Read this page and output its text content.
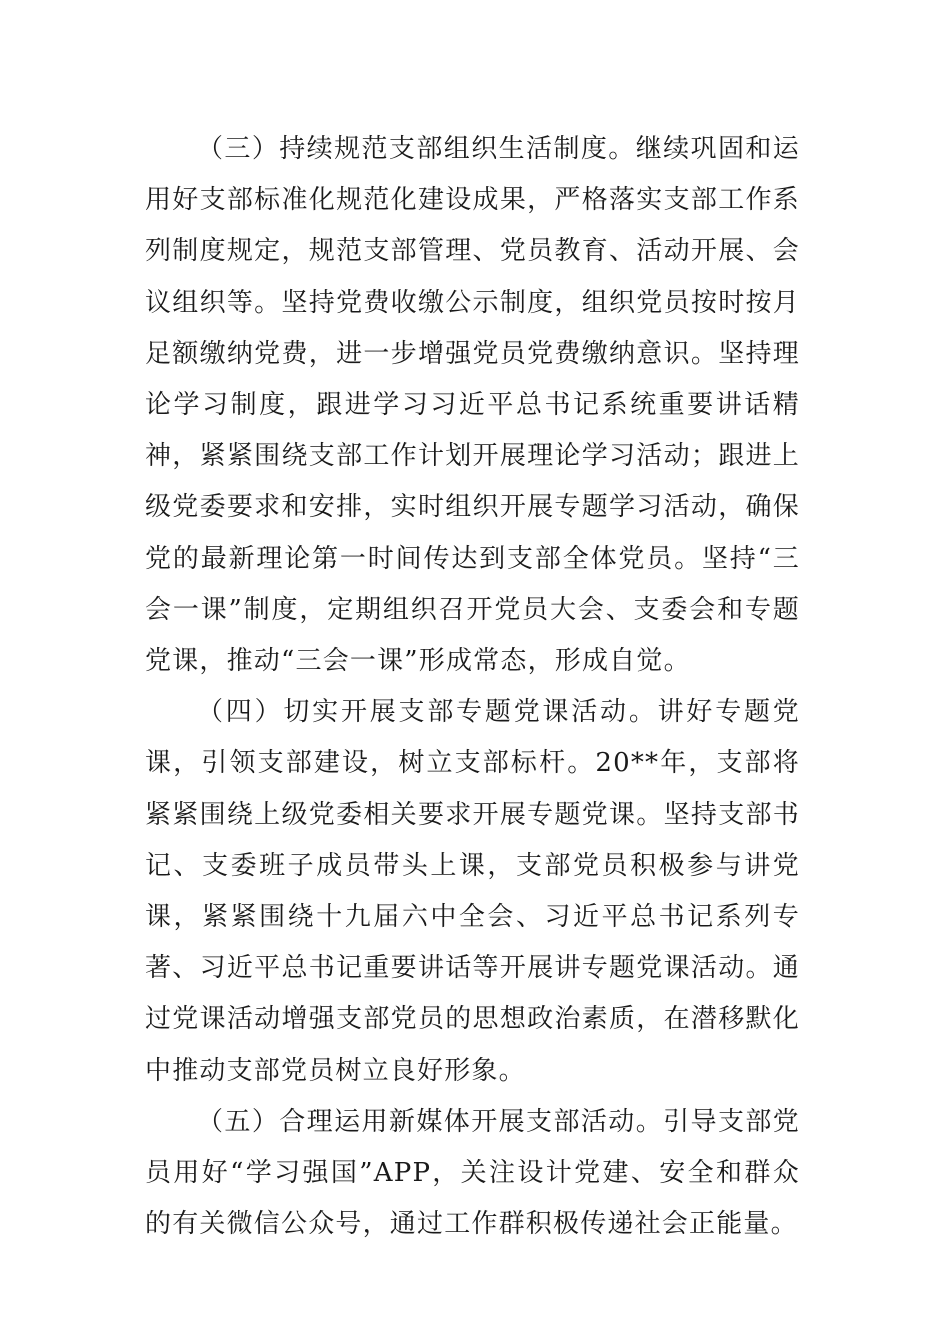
（三）持续规范支部组织生活制度。继续巩固和运用好支部标准化规范化建设成果，严格落实支部工作系列制度规定，规范支部管理、党员教育、活动开展、会议组织等。坚持党费收缴公示制度，组织党员按时按月足额缴纳党费，进一步增强党员党费缴纳意识。坚持理论学习制度，跟进学习习近平总书记系统重要讲话精神，紧紧围绕支部工作计划开展理论学习活动；跟进上级党委要求和安排，实时组织开展专题学习活动，确保党的最新理论第一时间传达到支部全体党员。坚持“三会一课”制度，定期组织召开党员大会、支委会和专题党课，推动“三会一课”形成常态，形成自觉。

（四）切实开展支部专题党课活动。讲好专题党课，引领支部建设，树立支部标杆。20**年，支部将紧紧围绕上级党委相关要求开展专题党课。坚持支部书记、支委班子成员带头上课，支部党员积极参与讲党课，紧紧围绕十九届六中全会、习近平总书记系列专著、习近平总书记重要讲话等开展讲专题党课活动。通过党课活动增强支部党员的思想政治素质，在潜移默化中推动支部党员树立良好形象。

（五）合理运用新媒体开展支部活动。引导支部党员用好“学习强国”APP，关注设计党建、安全和群众的有关微信公众号，通过工作群积极传递社会正能量。
